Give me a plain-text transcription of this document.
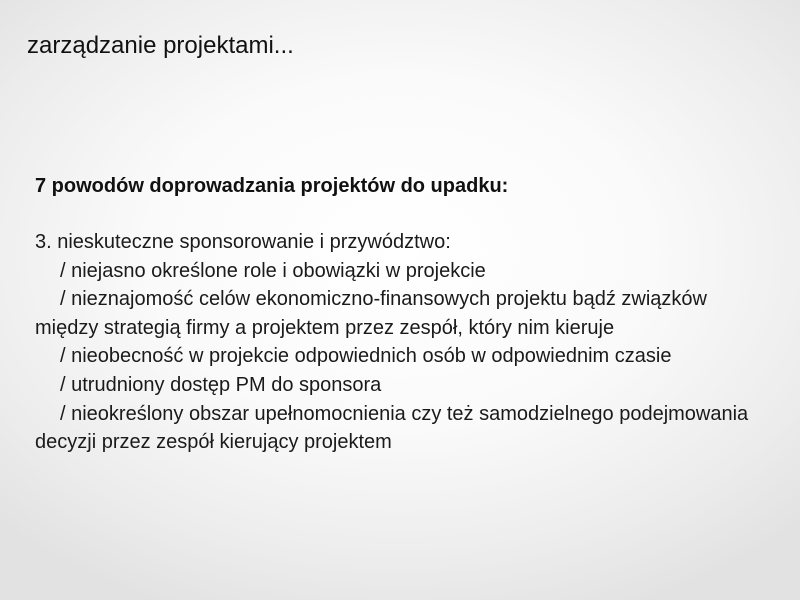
zarządzanie projektami...

7 powodów doprowadzania projektów do upadku:

3. nieskuteczne sponsorowanie i przywództwo:

/ niejasno określone role i obowiązki w projekcie
/ nieznajomość celów ekonomiczno-finansowych projektu bądź związków między strategią firmy a projektem przez zespół, który nim kieruje
/ nieobecność w projekcie odpowiednich osób w odpowiednim czasie
/ utrudniony dostęp PM do sponsora
/ nieokreślony obszar upełnomocnienia czy też samodzielnego podejmowania decyzji przez zespół kierujący projektem
